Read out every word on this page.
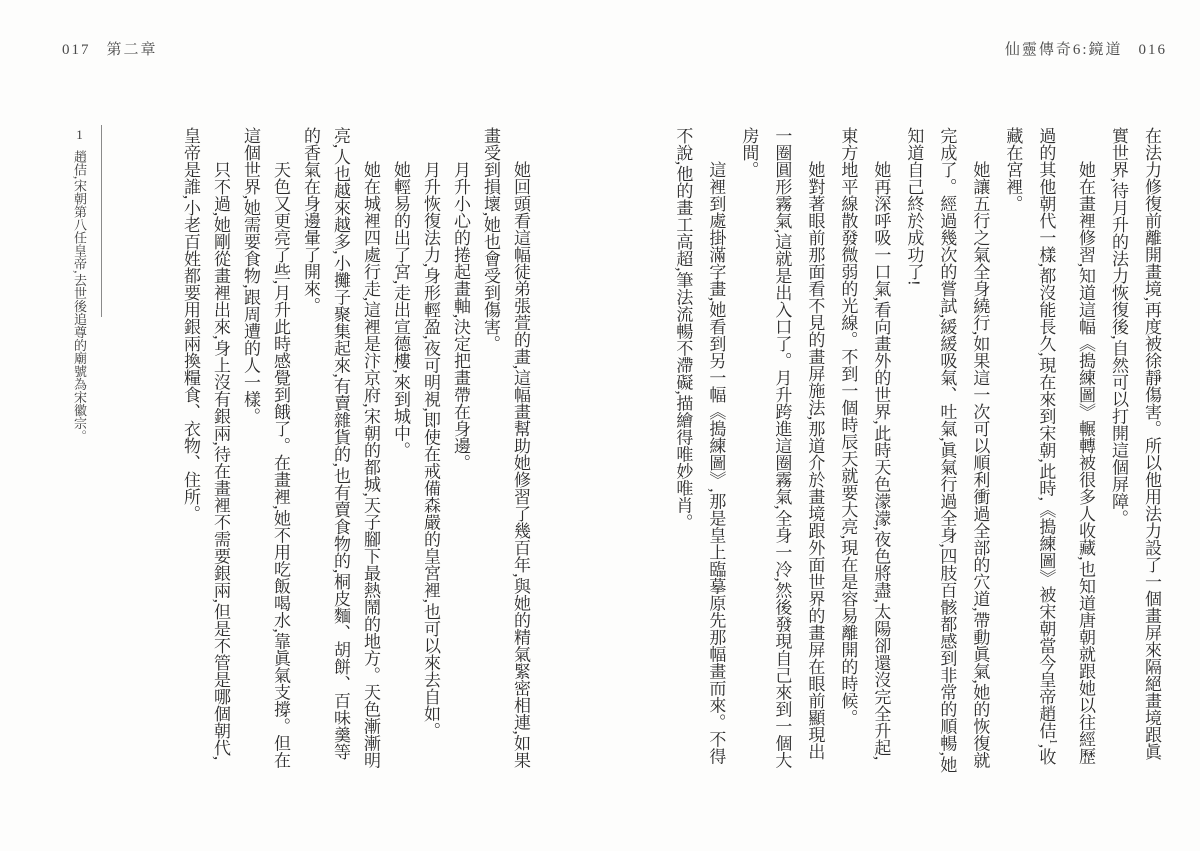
017 第二章	仙靈傳奇6:鏡道 016

在法力修復前離開畫境,再度被徐靜傷害。所以他用法力設了一個畫屏來隔絕畫境跟眞實世界,待月升的法力恢復後,自然可以打開這個屏障。

她在畫裡修習,知道這幅《搗練圖》輾轉被很多人收藏,也知道唐朝就跟她以往經歷過的其他朝代一樣,都沒能長久,現在來到宋朝,此時,《搗練圖》被宋朝當今皇帝趙佶$^1$,收藏在宮裡。

她讓五行之氣全身繞行,如果這一次可以順利衝過全部的穴道,帶動眞氣,她的恢復就完成了。經過幾次的嘗試,緩緩吸氣、吐氣,眞氣行過全身,四肢百骸都感到非常的順暢,她知道自己終於成功了!

她再深呼吸一口氣,看向畫外的世界,此時天色濛濛,夜色將盡,太陽卻還沒完全升起,東方地平線散發微弱的光線。不到一個時辰天就要大亮,現在是容易離開的時候。

她對著眼前那面看不見的畫屏施法,那道介於畫境跟外面世界的畫屏在眼前顯現出一圈圓形霧氣,這就是出入口了。月升跨進這圈霧氣,全身一冷,然後發現自己來到一個大房間。

這裡到處掛滿字畫,她看到另一幅《搗練圖》,那是皇上臨摹原先那幅畫而來。不得不說,他的畫工高超,筆法流暢不滯礙,描繪得唯妙唯肖。

她回頭看這幅徒弟張萱的畫,這幅畫幫助她修習了幾百年,與她的精氣緊密相連,如果畫受到損壞,她也會受到傷害。

月升小心的捲起畫軸,決定把畫帶在身邊。

月升恢復法力,身形輕盈,夜可明視,即使在戒備森嚴的皇宮裡,也可以來去自如。

她輕易的出了宮,走出宣德樓,來到城中。

她在城裡四處行走,這裡是汴京府,宋朝的都城,天子腳下最熱鬧的地方。天色漸漸明亮,人也越來越多,小攤子聚集起來,有賣雜貨的,也有賣食物的,桐皮麵、胡餅、百味羹等的香氣在身邊暈了開來。

天色又更亮了些,月升此時感覺到餓了。在畫裡,她不用吃飯喝水,靠眞氣支撐。但在這個世界,她需要食物,跟周遭的人一樣。

只不過,她剛從畫裡出來,身上沒有銀兩,待在畫裡不需要銀兩,但是不管是哪個朝代,皇帝是誰,小老百姓都要用銀兩換糧食、衣物、住所。

1趙佶,宋朝第八任皇帝,去世後追尊的廟號為宋徽宗。
